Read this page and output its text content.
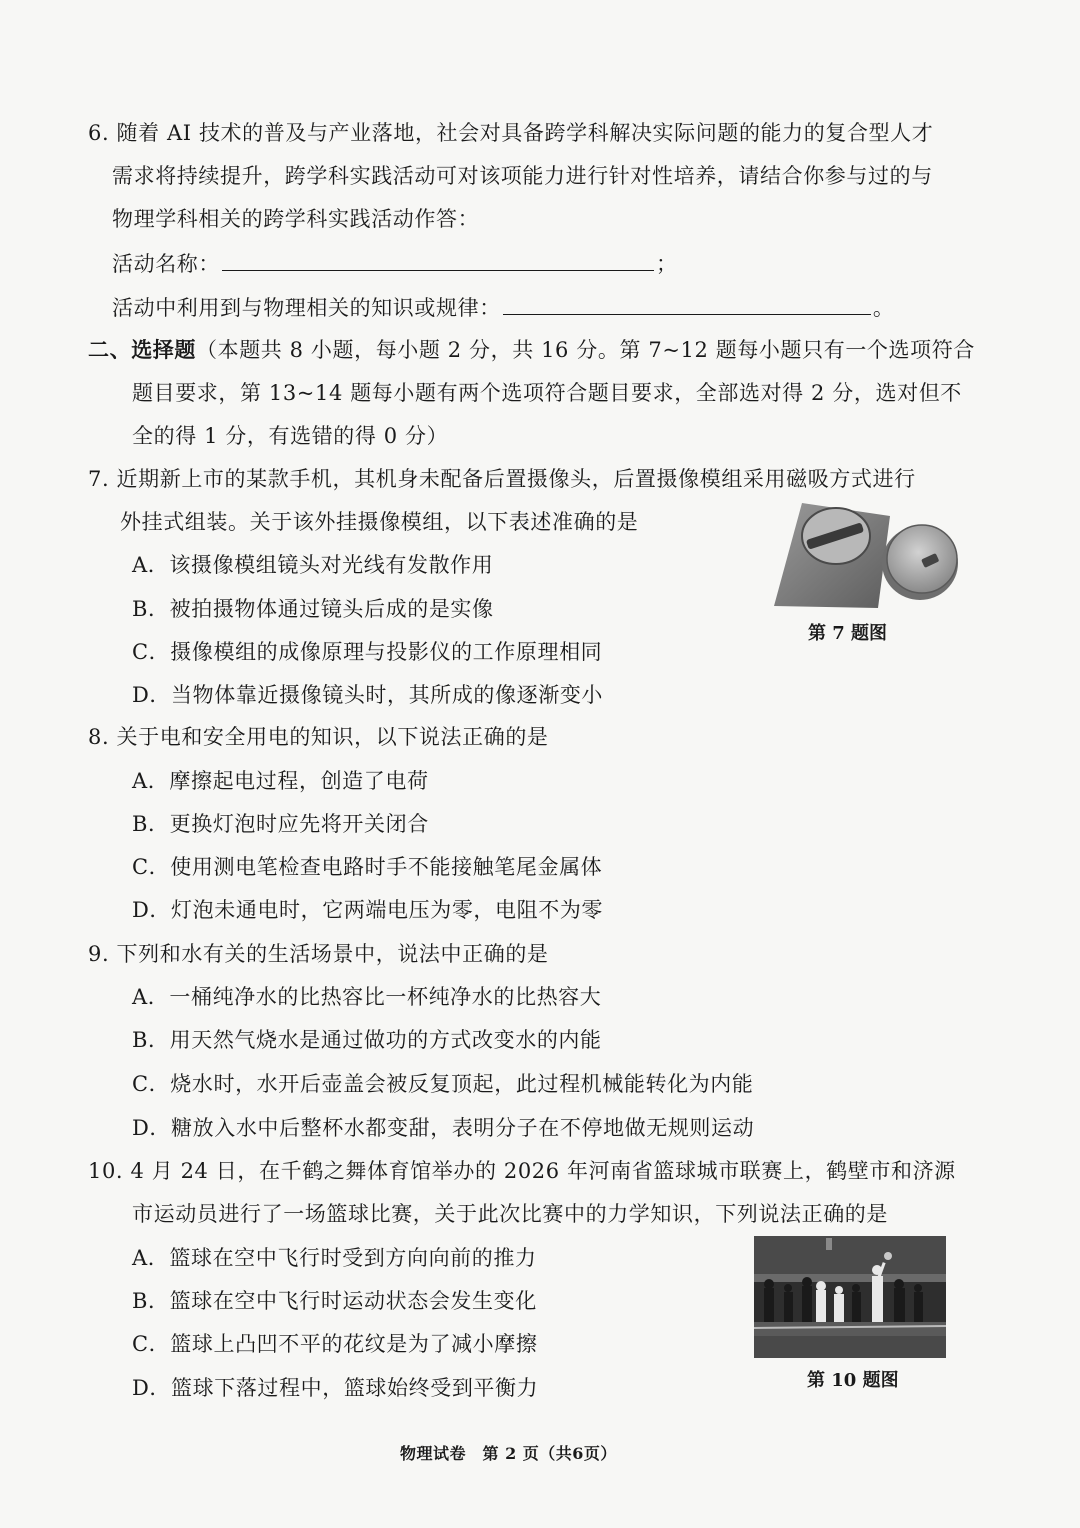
6. 随着 AI 技术的普及与产业落地，社会对具备跨学科解决实际问题的能力的复合型人才
需求将持续提升，跨学科实践活动可对该项能力进行针对性培养，请结合你参与过的与
物理学科相关的跨学科实践活动作答：
活动名称：	；
活动中利用到与物理相关的知识或规律：	。
二、选择题（本题共 8 小题，每小题 2 分，共 16 分。第 7~12 题每小题只有一个选项符合
题目要求，第 13~14 题每小题有两个选项符合题目要求，全部选对得 2 分，选对但不
全的得 1 分，有选错的得 0 分）
7. 近期新上市的某款手机，其机身未配备后置摄像头，后置摄像模组采用磁吸方式进行
外挂式组装。关于该外挂摄像模组，以下表述准确的是
A．该摄像模组镜头对光线有发散作用
B．被拍摄物体通过镜头后成的是实像
C．摄像模组的成像原理与投影仪的工作原理相同
D．当物体靠近摄像镜头时，其所成的像逐渐变小
第 7 题图
8. 关于电和安全用电的知识，以下说法正确的是
A．摩擦起电过程，创造了电荷
B．更换灯泡时应先将开关闭合
C．使用测电笔检查电路时手不能接触笔尾金属体
D．灯泡未通电时，它两端电压为零，电阻不为零
9. 下列和水有关的生活场景中，说法中正确的是
A．一桶纯净水的比热容比一杯纯净水的比热容大
B．用天然气烧水是通过做功的方式改变水的内能
C．烧水时，水开后壶盖会被反复顶起，此过程机械能转化为内能
D．糖放入水中后整杯水都变甜，表明分子在不停地做无规则运动
10. 4 月 24 日，在千鹤之舞体育馆举办的 2026 年河南省篮球城市联赛上，鹤壁市和济源
市运动员进行了一场篮球比赛，关于此次比赛中的力学知识，下列说法正确的是
A．篮球在空中飞行时受到方向向前的推力
B．篮球在空中飞行时运动状态会发生变化
C．篮球上凸凹不平的花纹是为了减小摩擦
D．篮球下落过程中，篮球始终受到平衡力	第 10 题图
物理试卷　第 2 页（共6页）
